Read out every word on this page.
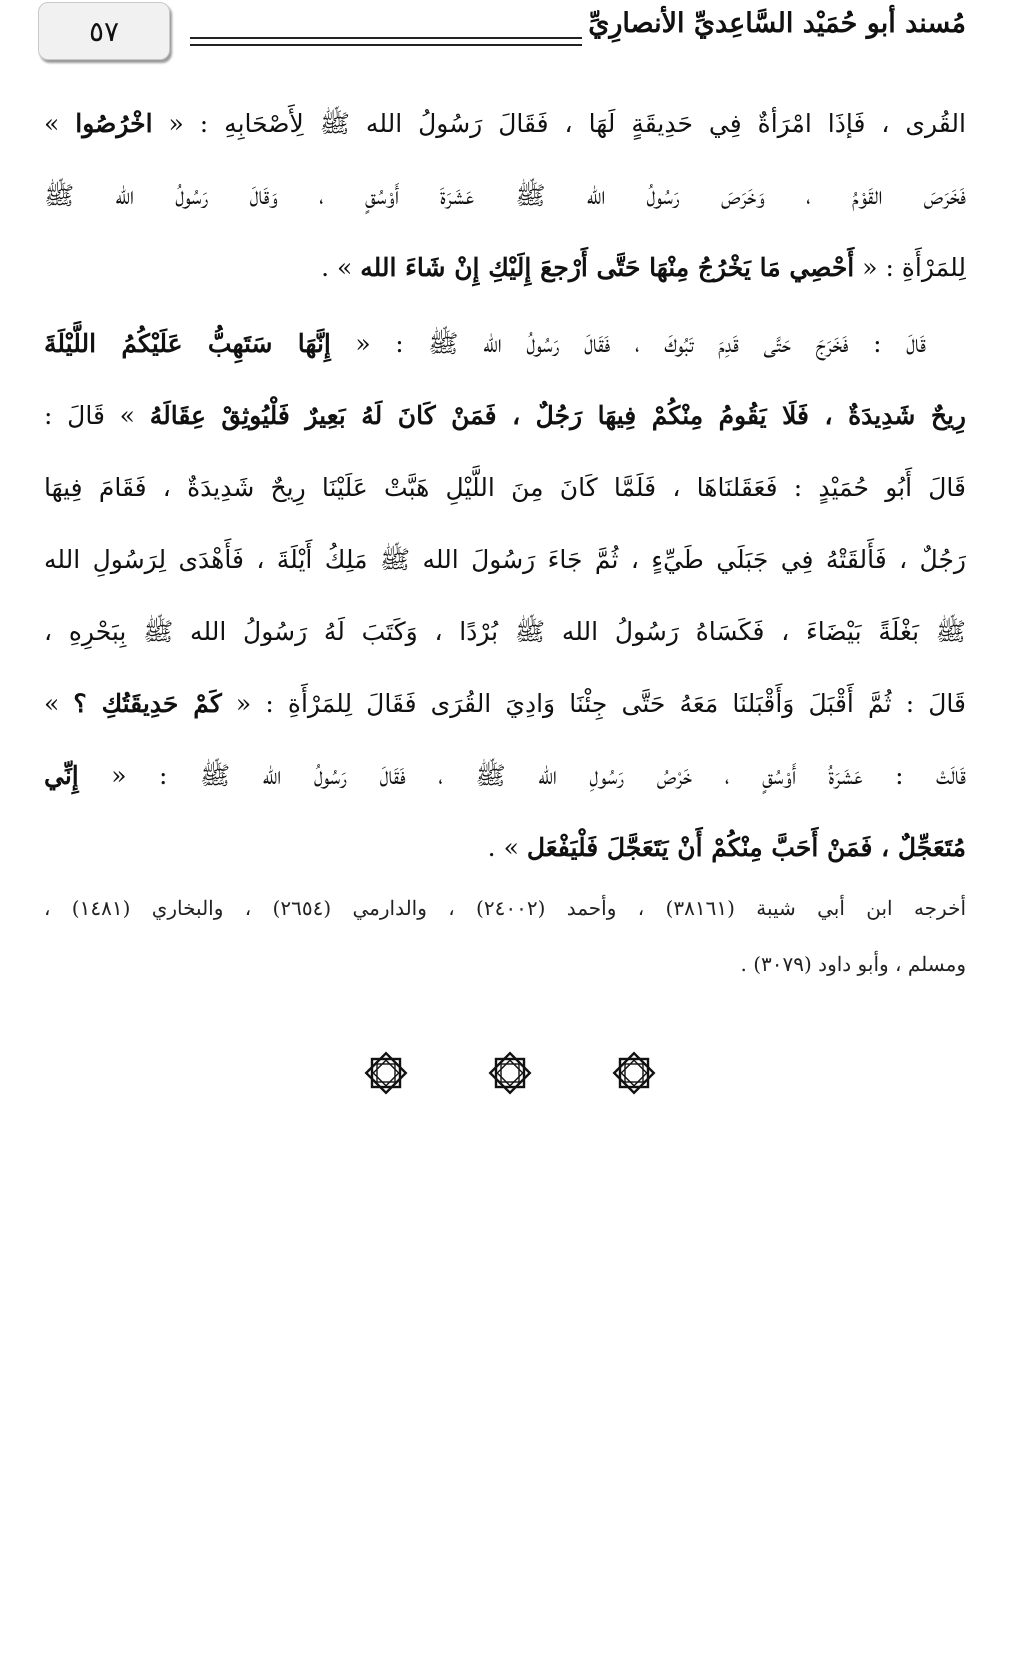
٥٧	مُسند أبو حُمَيْد السَّاعِديِّ الأنصارِيِّ
القُرى ، فَإذَا امْرَأةٌ فِي حَدِيقَةٍ لَهَا ، فَقَالَ رَسُولُ الله ﷺ لِأَصْحَابِهِ : « اخْرُصُوا »
فَخَرَصَ القَوْمُ ، وَخَرَصَ رَسُولُ الله ﷺ عَشَرَةَ أَوْسُقٍ ، وَقَالَ رَسُولُ الله ﷺ
لِلمَرْأَةِ : « أَحْصِي مَا يَخْرُجُ مِنْهَا حَتَّى أَرْجعَ إِلَيْكِ إِنْ شَاءَ الله » .
قَالَ : فَخَرَجَ حَتَّى قَدِمَ تَبُوكَ ، فَقَالَ رَسُولُ الله ﷺ : « إِنَّهَا سَتَهِبُّ عَلَيْكُمُ اللَّيْلَةَ
رِيحٌ شَدِيدَةٌ ، فَلَا يَقُومُ مِنْكُمْ فِيهَا رَجُلٌ ، فَمَنْ كَانَ لَهُ بَعِيرٌ فَلْيُوثِقْ عِقَالَهُ » قَالَ :
قَالَ أَبُو حُمَيْدٍ : فَعَقَلنَاهَا ، فَلَمَّا كَانَ مِنَ اللَّيْلِ هَبَّتْ عَلَيْنَا رِيحٌ شَدِيدَةٌ ، فَقَامَ فِيهَا
رَجُلٌ ، فَأَلقَتْهُ فِي جَبَلَي طَيِّءٍ ، ثُمَّ جَاءَ رَسُولَ الله ﷺ مَلِكُ أَيْلَةَ ، فَأَهْدَى لِرَسُولِ الله
ﷺ بَغْلَةً بَيْضَاءَ ، فَكَسَاهُ رَسُولُ الله ﷺ بُرْدًا ، وَكَتَبَ لَهُ رَسُولُ الله ﷺ بِبَحْرِهِ ،
قَالَ : ثُمَّ أَقْبَلَ وَأَقْبَلنَا مَعَهُ حَتَّى جِئْنَا وَادِيَ القُرَى فَقَالَ لِلمَرْأَةِ : « كَمْ حَدِيقَتُكِ ؟ »
قَالَتْ : عَشَرَةُ أَوْسُقٍ ، خَرْصُ رَسُولِ الله ﷺ ، فَقَالَ رَسُولُ الله ﷺ : « إِنِّي
مُتَعَجِّلٌ ، فَمَنْ أَحَبَّ مِنْكُمْ أَنْ يَتَعَجَّلَ فَلْيَفْعَل » .
أخرجه ابن أبي شيبة (٣٨١٦١) ، وأحمد (٢٤٠٠٢) ، والدارمي (٢٦٥٤) ، والبخاري (١٤٨١) ،
ومسلم ، وأبو داود (٣٠٧٩) .
